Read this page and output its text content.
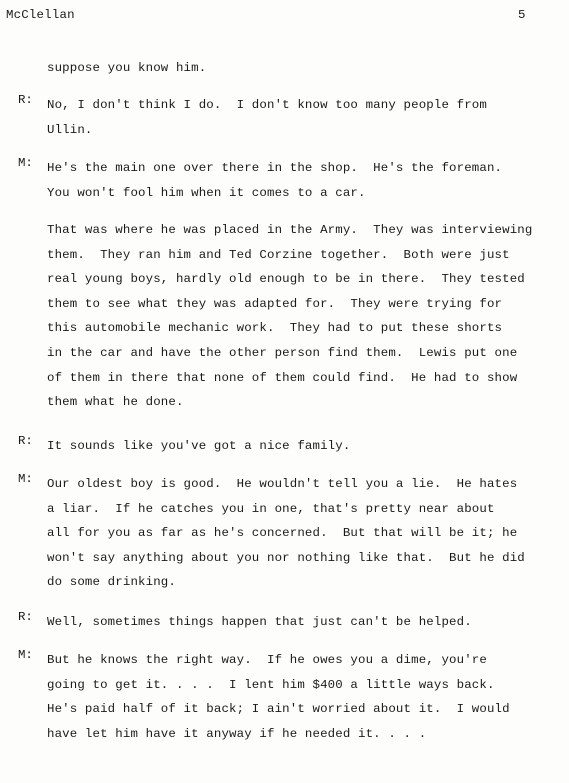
McClellan	5
suppose you know him.
R: No, I don't think I do.  I don't know too many people from
Ullin.
M: He's the main one over there in the shop.  He's the foreman.
You won't fool him when it comes to a car.
That was where he was placed in the Army.  They was interviewing
them.  They ran him and Ted Corzine together.  Both were just
real young boys, hardly old enough to be in there.  They tested
them to see what they was adapted for.  They were trying for
this automobile mechanic work.  They had to put these shorts
in the car and have the other person find them.  Lewis put one
of them in there that none of them could find.  He had to show
them what he done.
R: It sounds like you've got a nice family.
M: Our oldest boy is good.  He wouldn't tell you a lie.  He hates
a liar.  If he catches you in one, that's pretty near about
all for you as far as he's concerned.  But that will be it; he
won't say anything about you nor nothing like that.  But he did
do some drinking.
R: Well, sometimes things happen that just can't be helped.
M: But he knows the right way.  If he owes you a dime, you're
going to get it. . . .  I lent him $400 a little ways back.
He's paid half of it back; I ain't worried about it.  I would
have let him have it anyway if he needed it. . . .
